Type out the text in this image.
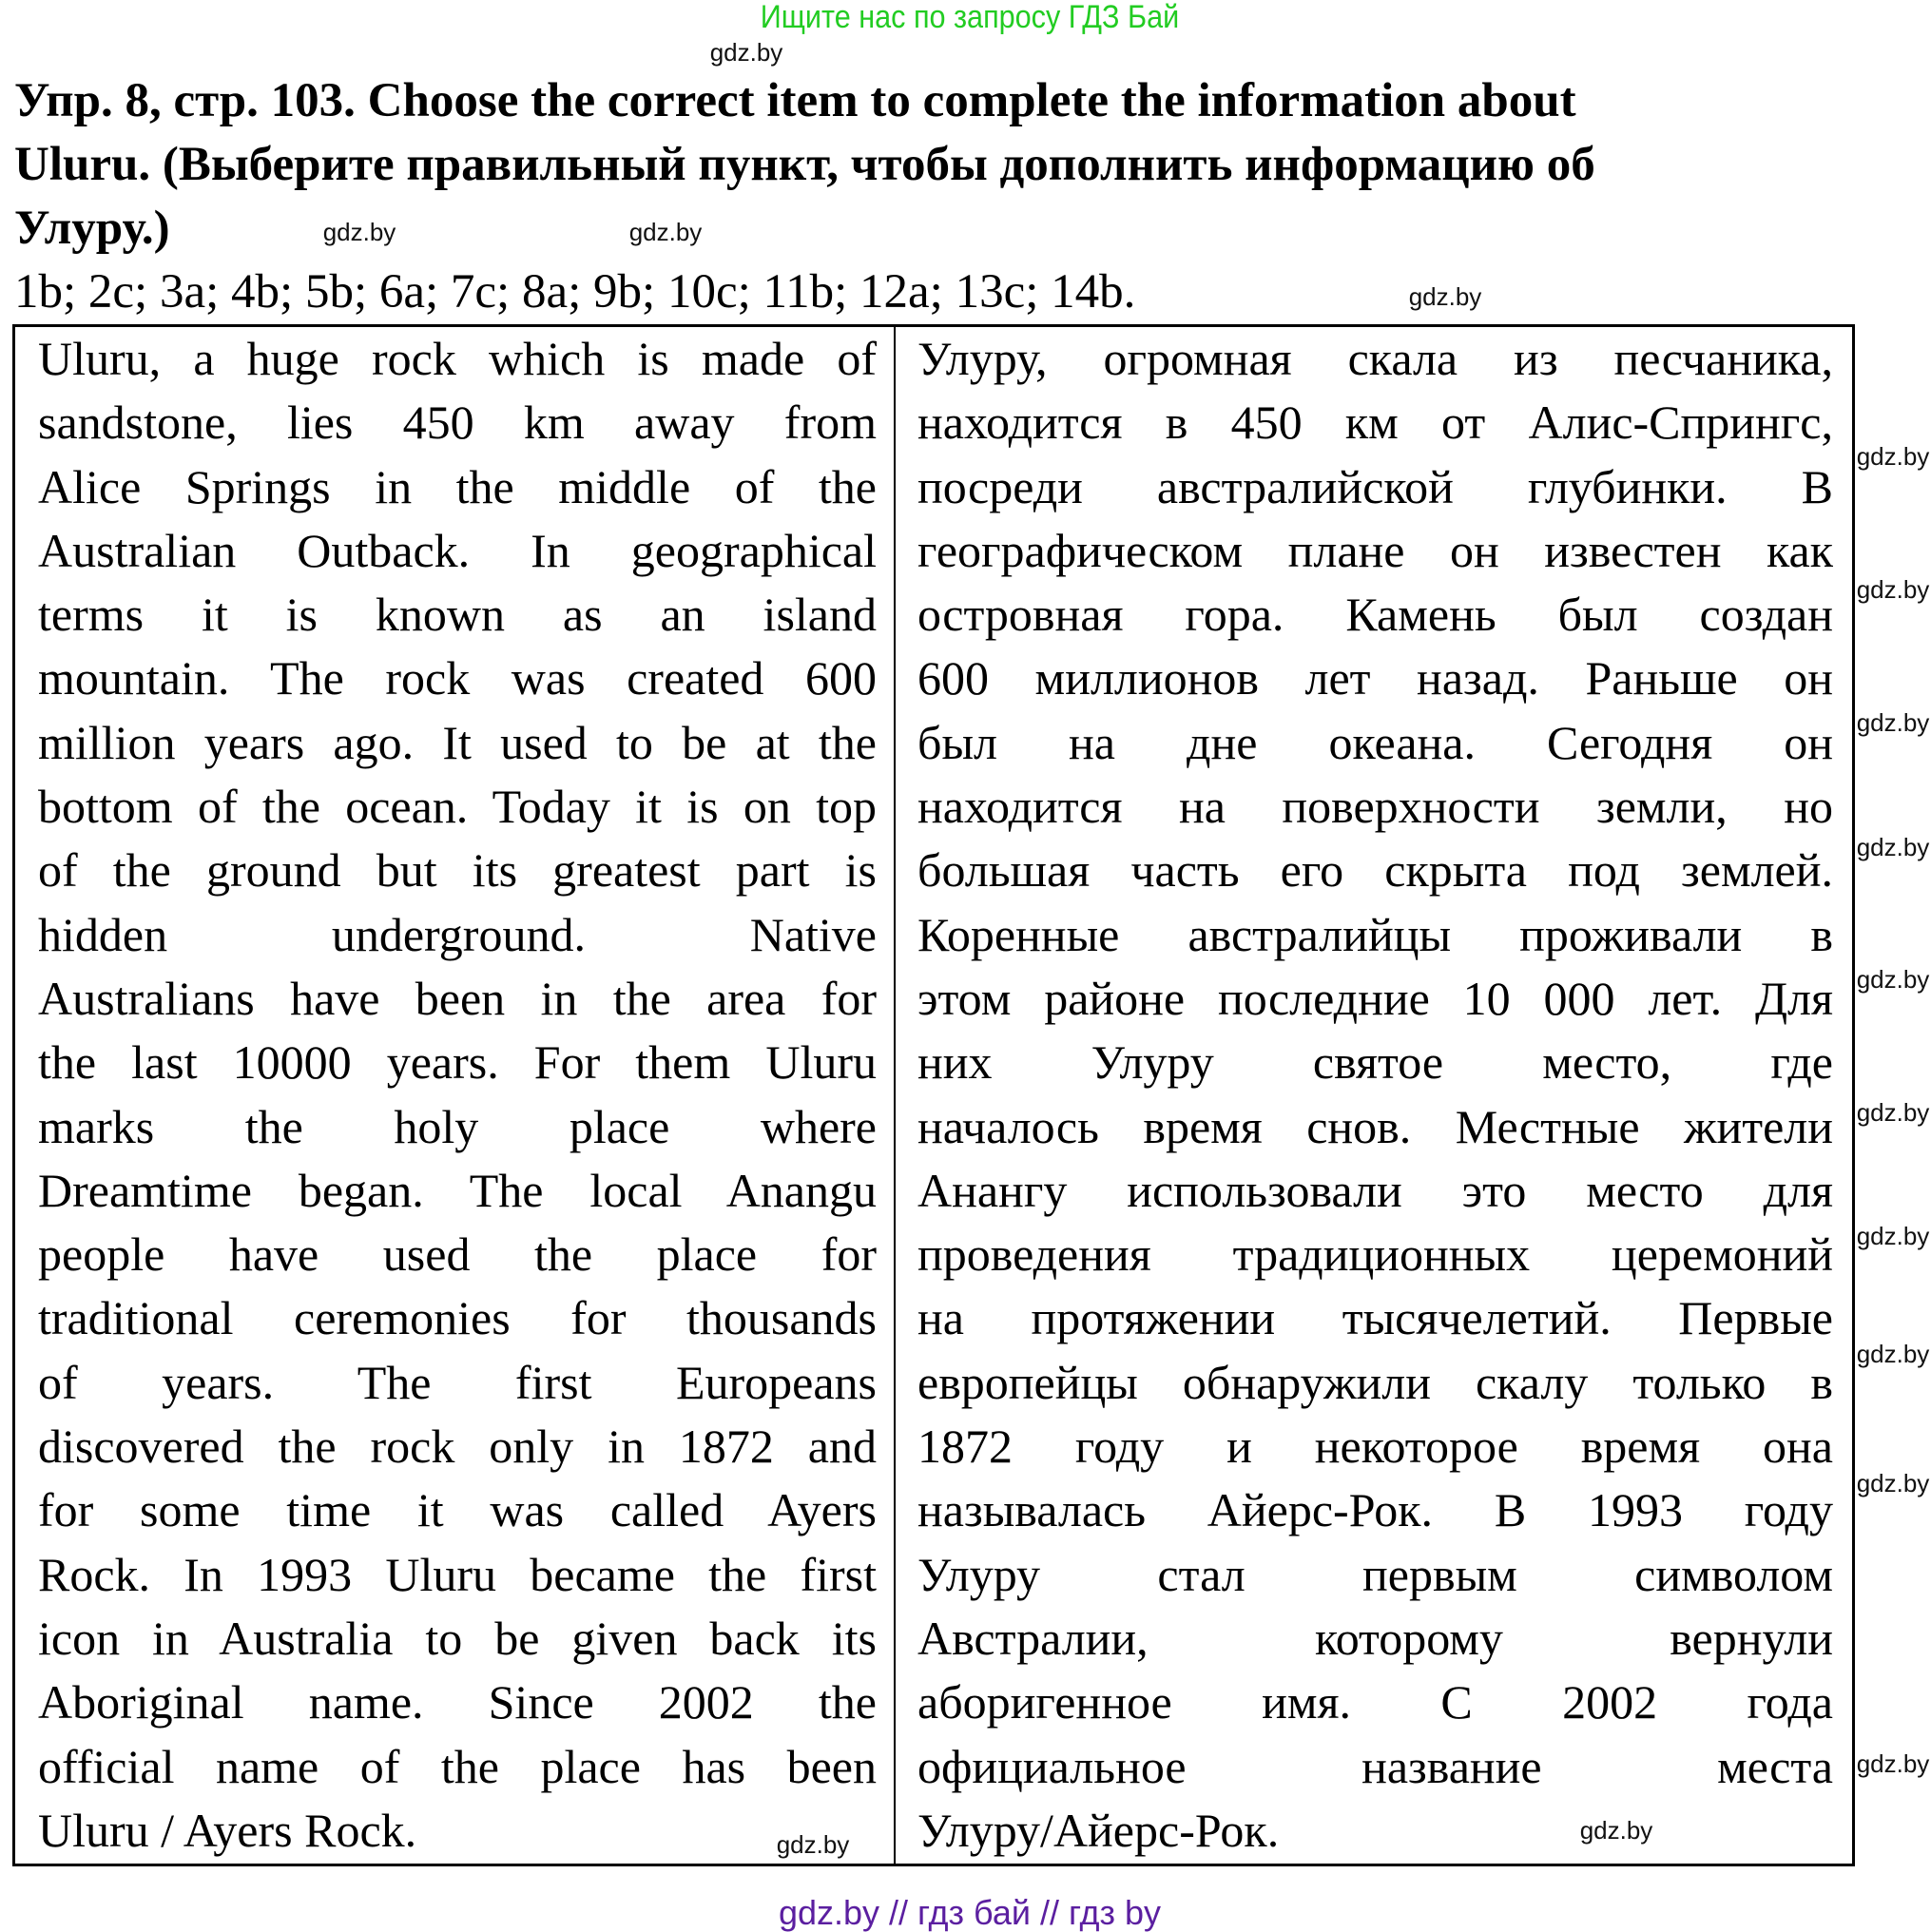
Ищите нас по запросу ГДЗ Бай
Упр. 8, стр. 103. Choose the correct item to complete the information about
Uluru. (Выберите правильный пункт, чтобы дополнить информацию об
Улуру.)
1b; 2c; 3a; 4b; 5b; 6a; 7c; 8a; 9b; 10c; 11b; 12a; 13c; 14b.
Uluru, a huge rock which is made of
sandstone, lies 450 km away from
Alice Springs in the middle of the
Australian Outback. In geographical
terms it is known as an island
mountain. The rock was created 600
million years ago. It used to be at the
bottom of the ocean. Today it is on top
of the ground but its greatest part is
hidden underground. Native
Australians have been in the area for
the last 10000 years. For them Uluru
marks the holy place where
Dreamtime began. The local Anangu
people have used the place for
traditional ceremonies for thousands
of years. The first Europeans
discovered the rock only in 1872 and
for some time it was called Ayers
Rock. In 1993 Uluru became the first
icon in Australia to be given back its
Aboriginal name. Since 2002 the
official name of the place has been
Uluru / Ayers Rock.
Улуру, огромная скала из песчаника,
находится в 450 км от Алис-Спрингс,
посреди австралийской глубинки. В
географическом плане он известен как
островная гора. Камень был создан
600 миллионов лет назад. Раньше он
был на дне океана. Сегодня он
находится на поверхности земли, но
большая часть его скрыта под землей.
Коренные австралийцы проживали в
этом районе последние 10 000 лет. Для
них Улуру святое место, где
началось время снов. Местные жители
Анангу использовали это место для
проведения традиционных церемоний
на протяжении тысячелетий. Первые
европейцы обнаружили скалу только в
1872 году и некоторое время она
называлась Айерс-Рок. В 1993 году
Улуру стал первым символом
Австралии, которому вернули
аборигенное имя. С 2002 года
официальное название места
Улуру/Айерс-Рок.
gdz.by
gdz.by
gdz.by
gdz.by
gdz.by
gdz.by
gdz.by
gdz.by
gdz.by
gdz.by
gdz.by
gdz.by
gdz.by
gdz.by
gdz.by
gdz.by
gdz.by // гдз бай // гдз by
